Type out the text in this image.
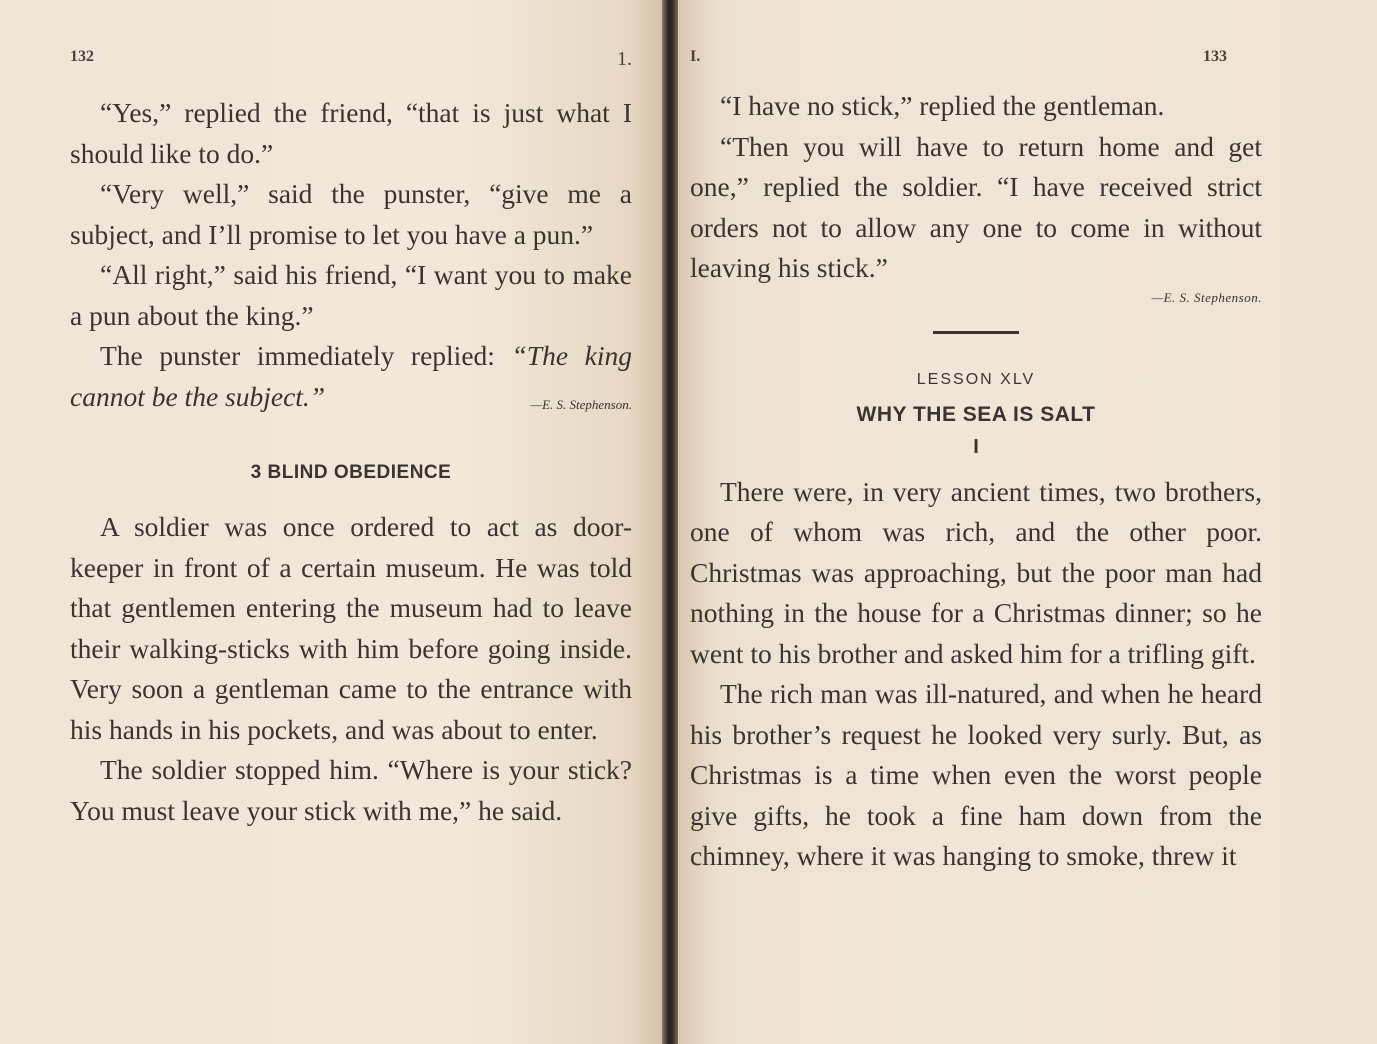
132	1.

“Yes,” replied the friend, “that is just what I should like to do.”

“Very well,” said the punster, “give me a subject, and I’ll promise to let you have a pun.”

“All right,” said his friend, “I want you to make a pun about the king.”

The punster immediately replied: “The king cannot be the subject.”	—E. S. Stephenson.

3 BLIND OBEDIENCE

A soldier was once ordered to act as door-keeper in front of a certain museum. He was told that gentlemen entering the museum had to leave their walking-sticks with him before going inside. Very soon a gentleman came to the entrance with his hands in his pockets, and was about to enter.

The soldier stopped him. “Where is your stick? You must leave your stick with me,” he said.

I.	133

“I have no stick,” replied the gentleman.

“Then you will have to return home and get one,” replied the soldier. “I have received strict orders not to allow any one to come in without leaving his stick.”

—E. S. Stephenson.
LESSON XLV
WHY THE SEA IS SALT
I

There were, in very ancient times, two brothers, one of whom was rich, and the other poor. Christmas was approaching, but the poor man had nothing in the house for a Christmas dinner; so he went to his brother and asked him for a trifling gift.

The rich man was ill-natured, and when he heard his brother’s request he looked very surly. But, as Christmas is a time when even the worst people give gifts, he took a fine ham down from the chimney, where it was hanging to smoke, threw it
